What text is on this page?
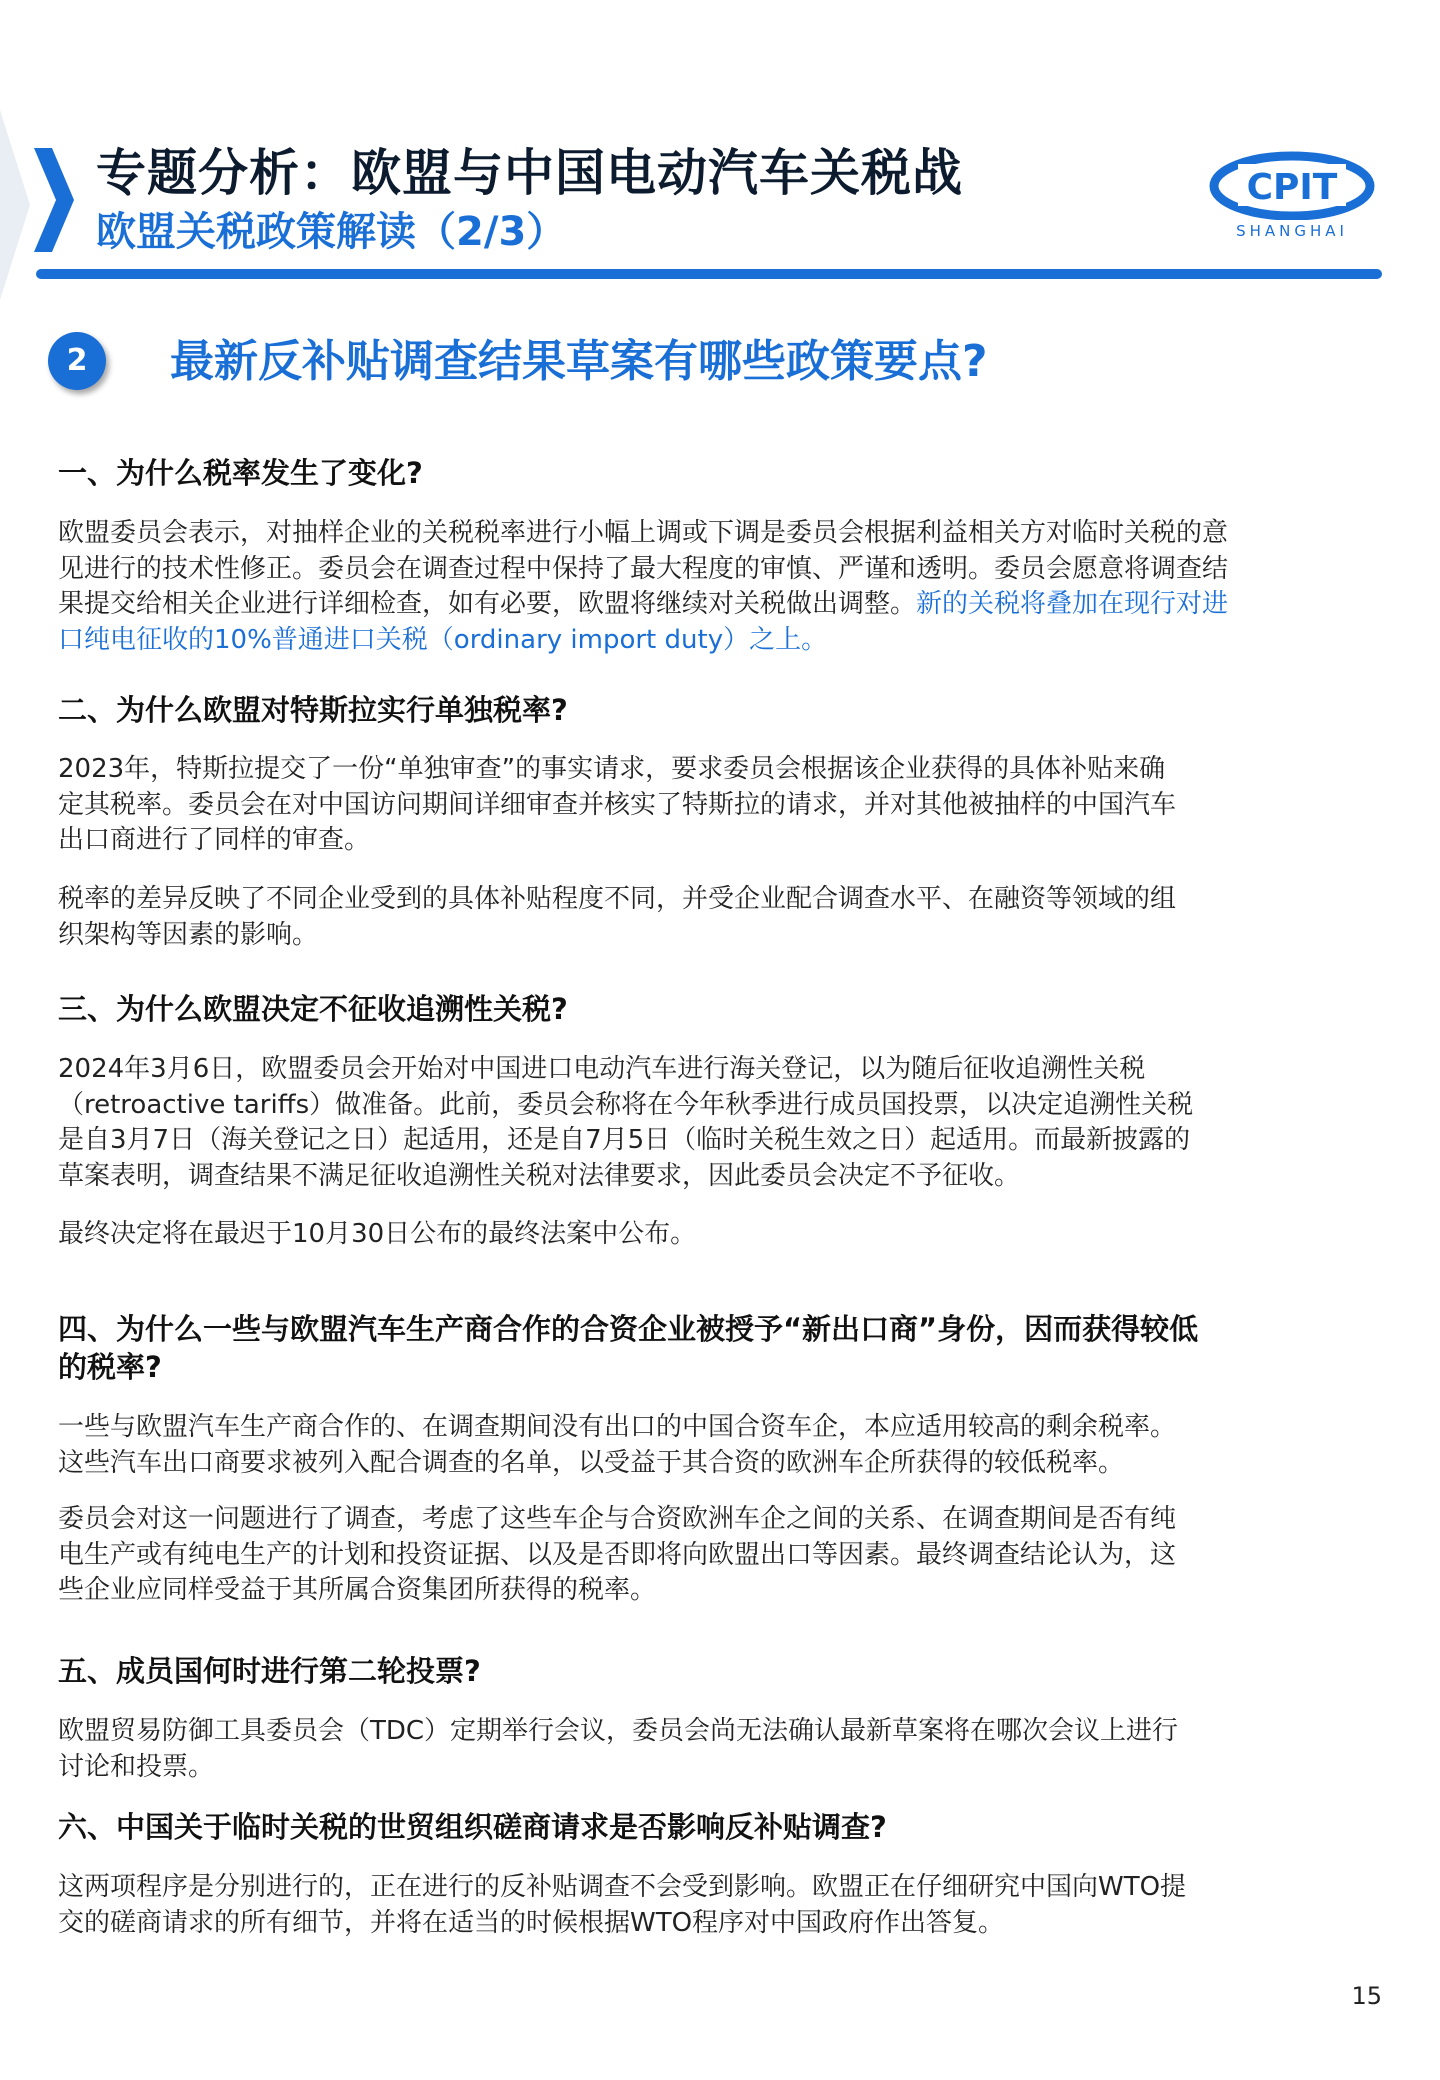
专题分析：欧盟与中国电动汽车关税战
欧盟关税政策解读（2/3）
CPIT
SHANGHAI
2	最新反补贴调查结果草案有哪些政策要点?
一、为什么税率发生了变化?
欧盟委员会表示，对抽样企业的关税税率进行小幅上调或下调是委员会根据利益相关方对临时关税的意
见进行的技术性修正。委员会在调查过程中保持了最大程度的审慎、严谨和透明。委员会愿意将调查结
果提交给相关企业进行详细检查，如有必要，欧盟将继续对关税做出调整。新的关税将叠加在现行对进
口纯电征收的10%普通进口关税（ordinary import duty）之上。
二、为什么欧盟对特斯拉实行单独税率?
2023年，特斯拉提交了一份“单独审查”的事实请求，要求委员会根据该企业获得的具体补贴来确
定其税率。委员会在对中国访问期间详细审查并核实了特斯拉的请求，并对其他被抽样的中国汽车
出口商进行了同样的审查。
税率的差异反映了不同企业受到的具体补贴程度不同，并受企业配合调查水平、在融资等领域的组
织架构等因素的影响。
三、为什么欧盟决定不征收追溯性关税?
2024年3月6日，欧盟委员会开始对中国进口电动汽车进行海关登记，以为随后征收追溯性关税
（retroactive tariffs）做准备。此前，委员会称将在今年秋季进行成员国投票，以决定追溯性关税
是自3月7日（海关登记之日）起适用，还是自7月5日（临时关税生效之日）起适用。而最新披露的
草案表明，调查结果不满足征收追溯性关税对法律要求，因此委员会决定不予征收。
最终决定将在最迟于10月30日公布的最终法案中公布。
四、为什么一些与欧盟汽车生产商合作的合资企业被授予“新出口商”身份，因而获得较低
的税率?
一些与欧盟汽车生产商合作的、在调查期间没有出口的中国合资车企，本应适用较高的剩余税率。
这些汽车出口商要求被列入配合调查的名单，以受益于其合资的欧洲车企所获得的较低税率。
委员会对这一问题进行了调查，考虑了这些车企与合资欧洲车企之间的关系、在调查期间是否有纯
电生产或有纯电生产的计划和投资证据、以及是否即将向欧盟出口等因素。最终调查结论认为，这
些企业应同样受益于其所属合资集团所获得的税率。
五、成员国何时进行第二轮投票?
欧盟贸易防御工具委员会（TDC）定期举行会议，委员会尚无法确认最新草案将在哪次会议上进行
讨论和投票。
六、中国关于临时关税的世贸组织磋商请求是否影响反补贴调查?
这两项程序是分别进行的，正在进行的反补贴调查不会受到影响。欧盟正在仔细研究中国向WTO提
交的磋商请求的所有细节，并将在适当的时候根据WTO程序对中国政府作出答复。
15
